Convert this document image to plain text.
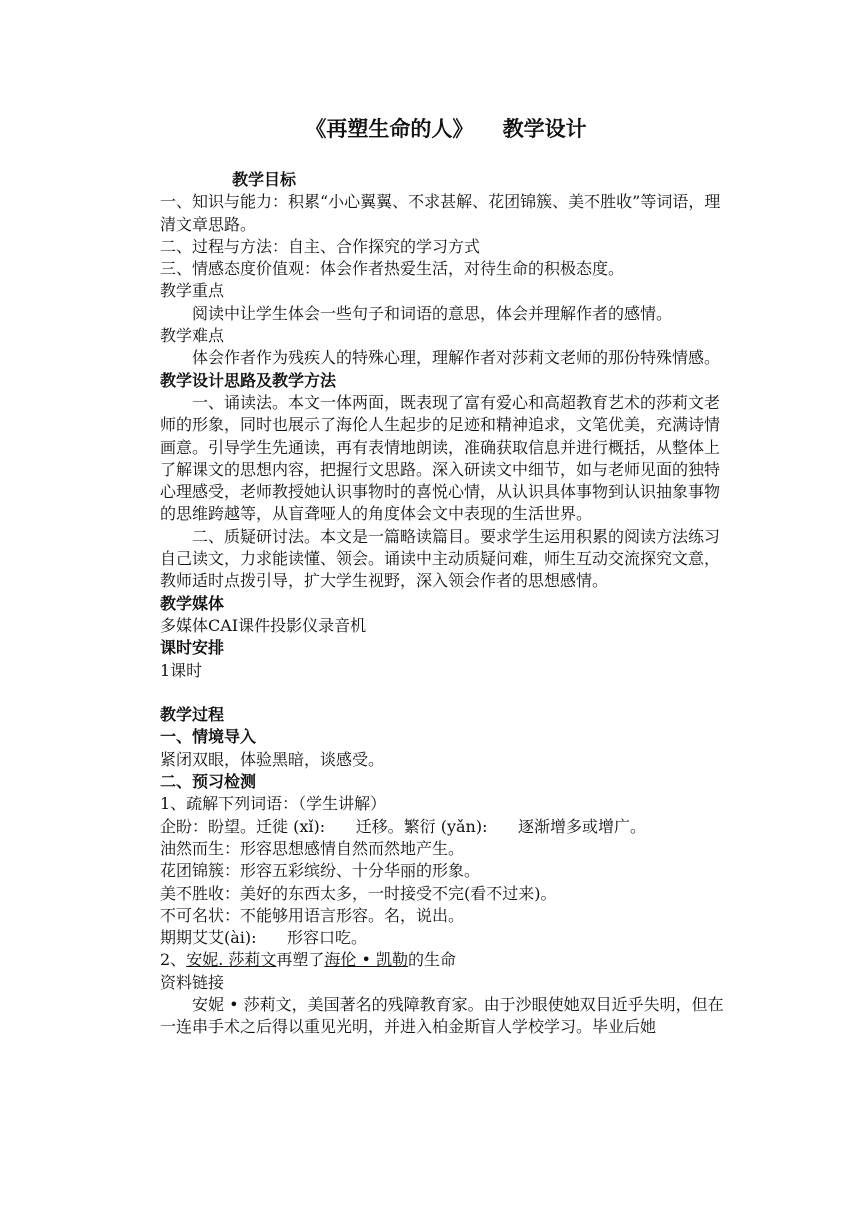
《再塑生命的人》    教学设计

教学目标

一、知识与能力：积累“小心翼翼、不求甚解、花团锦簇、美不胜收”等词语，理清文章思路。

二、过程与方法：自主、合作探究的学习方式

三、情感态度价值观：体会作者热爱生活，对待生命的积极态度。

教学重点

阅读中让学生体会一些句子和词语的意思，体会并理解作者的感情。

教学难点

体会作者作为残疾人的特殊心理，理解作者对莎莉文老师的那份特殊情感。

教学设计思路及教学方法

一、诵读法。本文一体两面，既表现了富有爱心和高超教育艺术的莎莉文老师的形象，同时也展示了海伦人生起步的足迹和精神追求，文笔优美，充满诗情画意。引导学生先通读，再有表情地朗读，准确获取信息并进行概括，从整体上了解课文的思想内容，把握行文思路。深入研读文中细节，如与老师见面的独特心理感受，老师教授她认识事物时的喜悦心情，从认识具体事物到认识抽象事物的思维跨越等，从盲聋哑人的角度体会文中表现的生活世界。

二、质疑研讨法。本文是一篇略读篇目。要求学生运用积累的阅读方法练习自己读文，力求能读懂、领会。诵读中主动质疑问难，师生互动交流探究文意，教师适时点拨引导，扩大学生视野，深入领会作者的思想感情。

教学媒体

多媒体CAI课件投影仪录音机

课时安排

1课时

教学过程

一、情境导入

紧闭双眼，体验黑暗，谈感受。

二、预习检测

1、疏解下列词语：（学生讲解）

企盼：盼望。迁徙 (xǐ):      迁移。繁衍 (yǎn):      逐渐增多或增广。

油然而生：形容思想感情自然而然地产生。

花团锦簇：形容五彩缤纷、十分华丽的形象。

美不胜收：美好的东西太多，一时接受不完(看不过来)。

不可名状：不能够用语言形容。名，说出。

期期艾艾(ài):      形容口吃。

2、安妮. 莎莉文再塑了海伦 • 凯勒的生命

资料链接

安妮 • 莎莉文，美国著名的残障教育家。由于沙眼使她双目近乎失明，但在一连串手术之后得以重见光明，并进入柏金斯盲人学校学习。毕业后她
